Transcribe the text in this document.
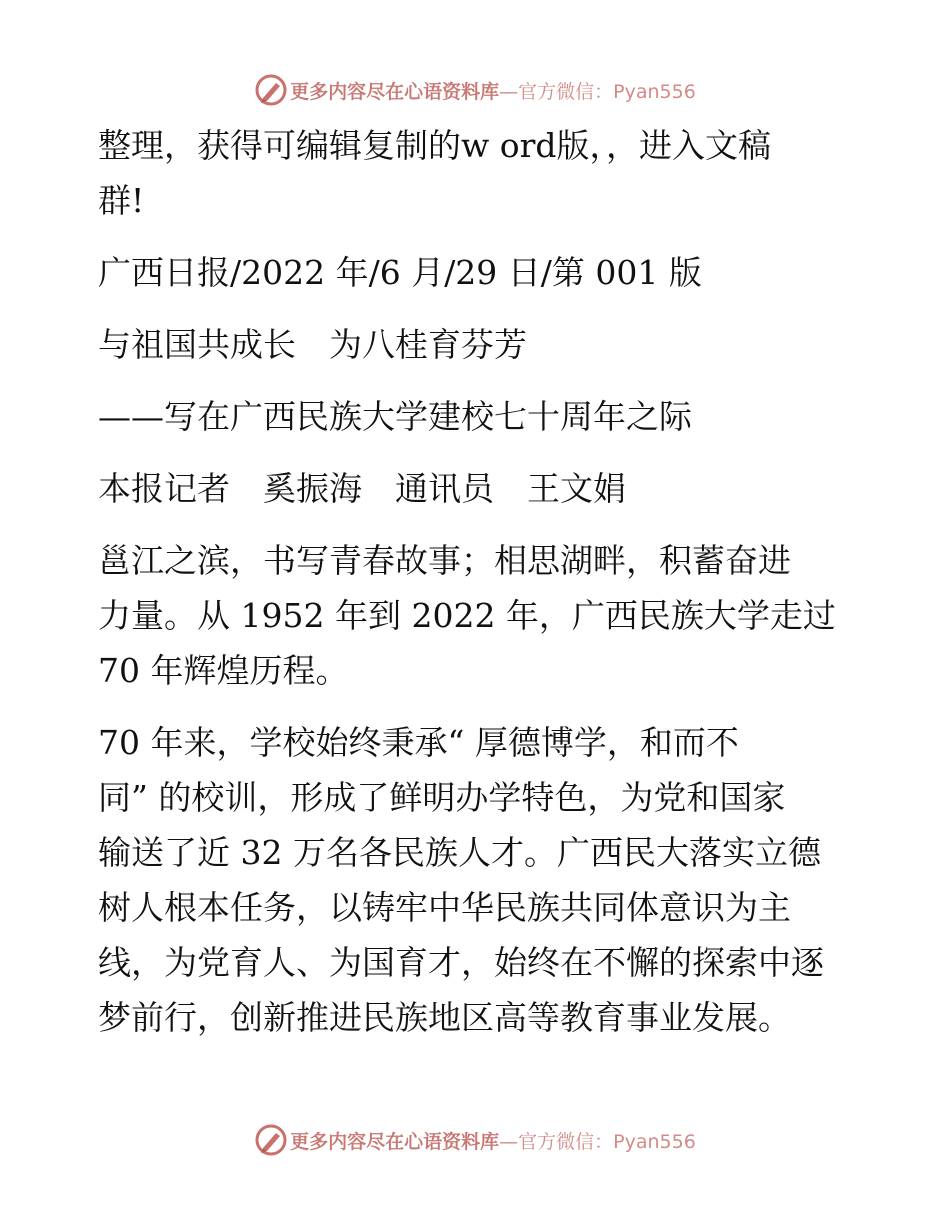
更多内容尽在心语资料库—官方微信：Pyan556

整理，获得可编辑复制的w ord版，，进入文稿

群!

广西日报/2022 年/6 月/29 日/第 001 版

与祖国共成长　为八桂育芬芳

——写在广西民族大学建校七十周年之际

本报记者　奚振海　通讯员　王文娟

邕江之滨，书写青春故事；相思湖畔，积蓄奋进

力量。从 1952 年到 2022 年，广西民族大学走过

70 年辉煌历程。

70 年来，学校始终秉承“ 厚德博学，和而不

同” 的校训，形成了鲜明办学特色，为党和国家

输送了近 32 万名各民族人才。广西民大落实立德

树人根本任务，以铸牢中华民族共同体意识为主

线，为党育人、为国育才，始终在不懈的探索中逐

梦前行，创新推进民族地区高等教育事业发展。

更多内容尽在心语资料库—官方微信：Pyan556
